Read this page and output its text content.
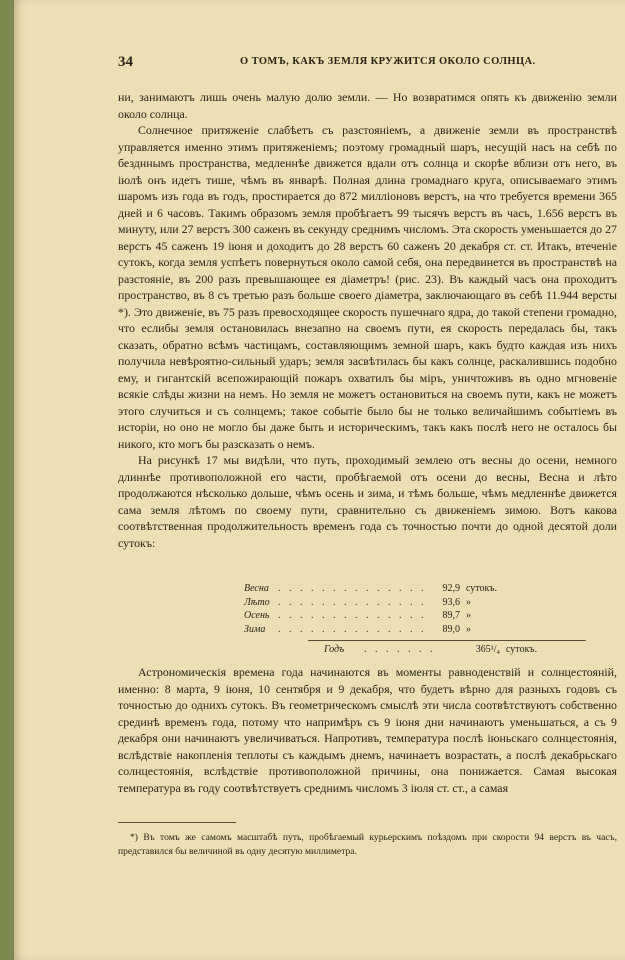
34	О ТОМЪ, КАКЪ ЗЕМЛЯ КРУЖИТСЯ ОКОЛО СОЛНЦА.

ни, занимаютъ лишь очень малую долю земли. — Но возвратимся опять къ движенію земли около солнца.

Солнечное притяженіе слабѣетъ съ разстояніемъ, а движеніе земли въ пространствѣ управляется именно этимъ притяженіемъ; поэтому громадный шаръ, несущій насъ на себѣ по бездннымъ пространства, медленнѣе движется вдали отъ солнца и скорѣе вблизи отъ него, въ іюлѣ онъ идетъ тише, чѣмъ въ январѣ. Полная длина громаднаго круга, описываемаго этимъ шаромъ изъ года въ годъ, простирается до 872 милліоновъ верстъ, на что требуется времени 365 дней и 6 часовъ. Такимъ образомъ земля пробѣгаетъ 99 тысячъ верстъ въ часъ, 1.656 верстъ въ минуту, или 27 верстъ 300 саженъ въ секунду среднимъ числомъ. Эта скорость уменьшается до 27 верстъ 45 саженъ 19 іюня и доходитъ до 28 верстъ 60 саженъ 20 декабря ст. ст. Итакъ, втеченіе сутокъ, когда земля успѣетъ повернуться около самой себя, она передвинется въ пространствѣ на разстояніе, въ 200 разъ превышающее ея діаметръ! (рис. 23). Въ каждый часъ она проходитъ пространство, въ 8 съ третью разъ больше своего діаметра, заключающаго въ себѣ 11.944 версты *). Это движеніе, въ 75 разъ превосходящее скорость пушечнаго ядра, до такой степени громадно, что еслибы земля остановилась внезапно на своемъ пути, ея скорость передалась бы, такъ сказать, обратно всѣмъ частицамъ, составляющимъ земной шаръ, какъ будто каждая изъ нихъ получила невѣроятно-сильный ударъ; земля засвѣтилась бы какъ солнце, раскалившись подобно ему, и гигантскій всепожирающій пожаръ охватилъ бы міръ, уничтоживъ въ одно мгновеніе всякіе слѣды жизни на немъ. Но земля не можетъ остановиться на своемъ пути, какъ не можетъ этого случиться и съ солнцемъ; такое событіе было бы не только величайшимъ событіемъ въ исторіи, но оно не могло бы даже быть и историческимъ, такъ какъ послѣ него не осталось бы никого, кто могъ бы разсказать о немъ.

На рисункѣ 17 мы видѣли, что путь, проходимый землею отъ весны до осени, немного длиннѣе противоположной его части, пробѣгаемой отъ осени до весны, Весна и лѣто продолжаются нѣсколько дольше, чѣмъ осень и зима, и тѣмъ больше, чѣмъ медленнѣе движется сама земля лѣтомъ по своему пути, сравнительно съ движеніемъ зимою. Вотъ какова соотвѣтственная продолжительность временъ года съ точностью почти до одной десятой доли сутокъ:

Весна . . . . . . . . . . . . . .	92,9 сутокъ.
Лѣто . . . . . . . . . . . . . .	93,6 »
Осень . . . . . . . . . . . . . .	89,7 »
Зима	. . . . . . . . . . . . . .	89,0 »
Годъ	. . . . . . .	365¹/₄ сутокъ.

Астрономическія времена года начинаются въ моменты равноденствій и солнцестояній, именно: 8 марта, 9 іюня, 10 сентября и 9 декабря, что будетъ вѣрно для разныхъ годовъ съ точностью до однихъ сутокъ. Въ геометрическомъ смыслѣ эти числа соотвѣтствуютъ собственно срединѣ временъ года, потому что напримѣръ съ 9 іюня дни начинаютъ уменьшаться, а съ 9 декабря они начинаютъ увеличиваться. Напротивъ, температура послѣ іюньскаго солнцестоянія, вслѣдствіе накопленія теплоты съ каждымъ днемъ, начинаетъ возрастать, а послѣ декабрьскаго солнцестоянія, вслѣдствіе противоположной причины, она понижается. Самая высокая температура въ году соотвѣтствуетъ среднимъ числомъ 3 іюля ст. ст., а самая

*) Въ томъ же самомъ масштабѣ путь, пробѣгаемый курьерскимъ поѣздомъ при скорости 94 верстъ въ часъ, представился бы величиной въ одну десятую миллиметра.
